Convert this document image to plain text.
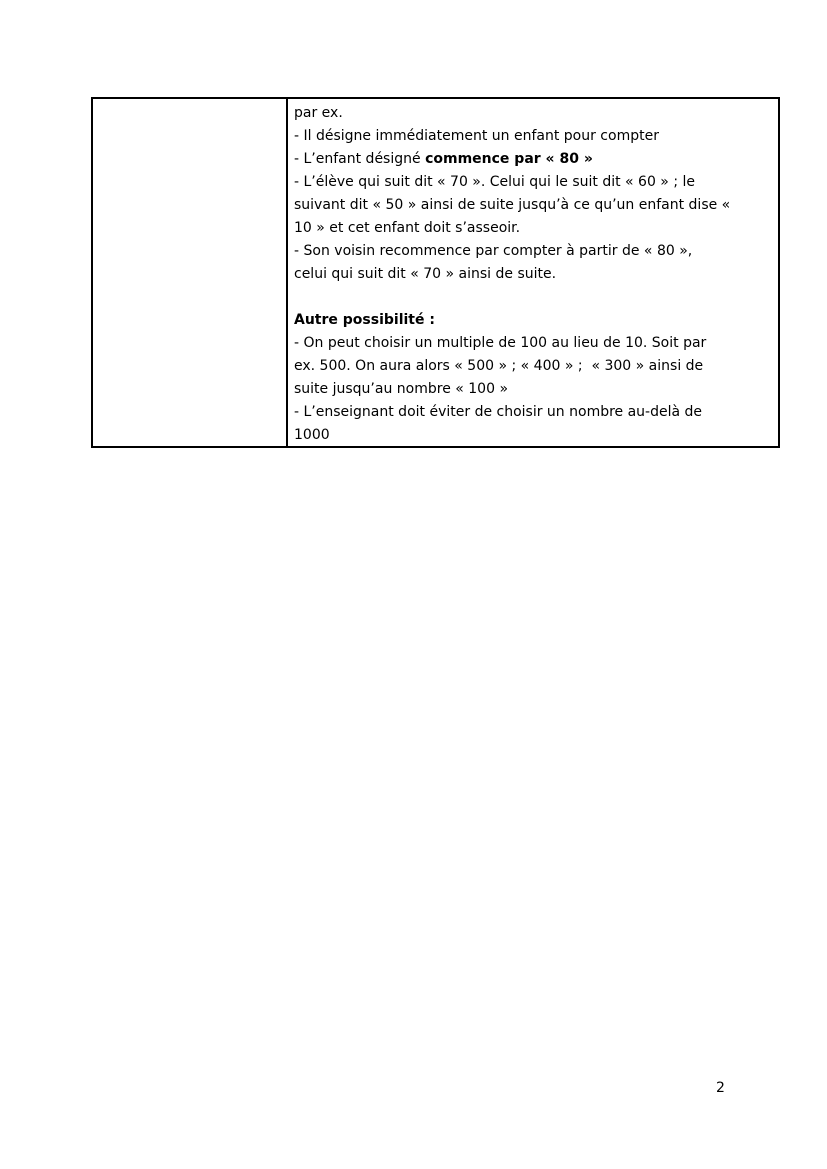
par ex.
- Il désigne immédiatement un enfant pour compter
- L’enfant désigné commence par « 80 »
- L’élève qui suit dit « 70 ». Celui qui le suit dit « 60 » ; le
suivant dit « 50 » ainsi de suite jusqu’à ce qu’un enfant dise «
10 » et cet enfant doit s’asseoir.
- Son voisin recommence par compter à partir de « 80 »,
celui qui suit dit « 70 » ainsi de suite.

Autre possibilité :
- On peut choisir un multiple de 100 au lieu de 10. Soit par
ex. 500. On aura alors « 500 » ; « 400 » ;  « 300 » ainsi de
suite jusqu’au nombre « 100 »
- L’enseignant doit éviter de choisir un nombre au-delà de
1000
2
